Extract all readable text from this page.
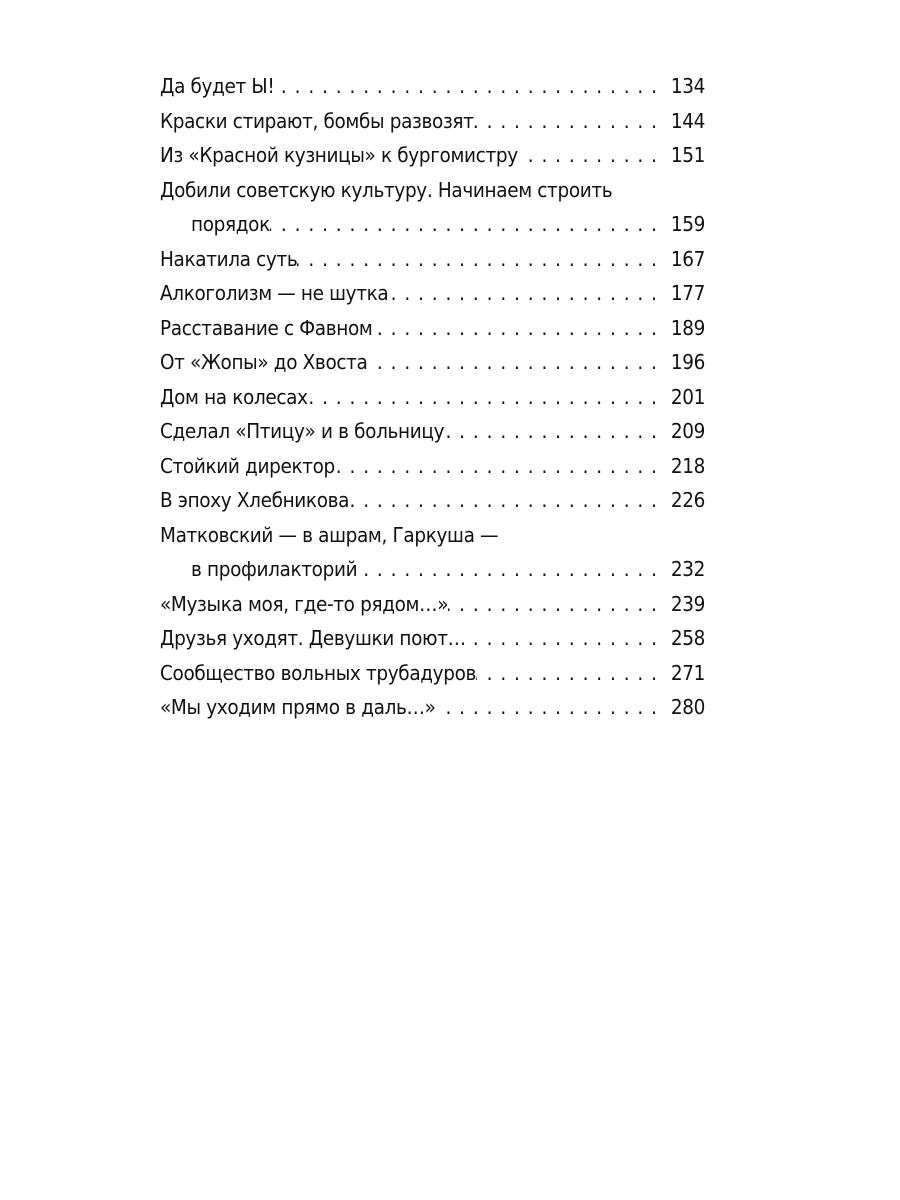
Да будет Ы! . . .	134
Краски стирают, бомбы развозят . . .	144
Из «Красной кузницы» к бургомистру . . .	151
Добили советскую культуру. Начинаем строить
порядок . . .	159
Накатила суть . . .	167
Алкоголизм — не шутка . . .	177
Расставание с Фавном . . .	189
От «Жопы» до Хвоста . . .	196
Дом на колесах . . .	201
Сделал «Птицу» и в больницу . . .	209
Стойкий директор . . .	218
В эпоху Хлебникова . . .	226
Матковский — в ашрам, Гаркуша —
в профилакторий . . .	232
«Музыка моя, где-то рядом…» . . .	239
Друзья уходят. Девушки поют… . . .	258
Сообщество вольных трубадуров . . .	271
«Мы уходим прямо в даль…» . . .	280
